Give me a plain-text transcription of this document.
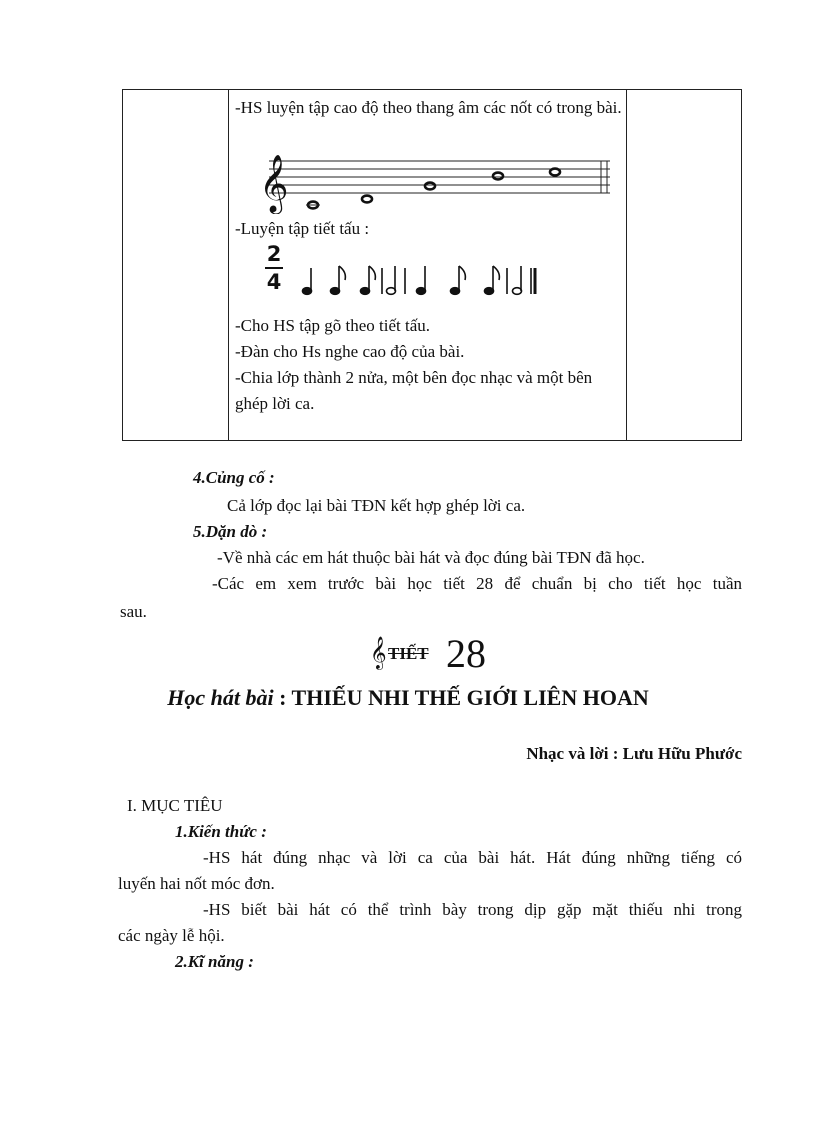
-HS luyện tập cao độ theo thang âm các nốt có trong bài.
𝄞
-Luyện tập tiết tấu :
2
4
-Cho HS tập gõ theo tiết tấu.
-Đàn cho Hs nghe cao độ của bài.
-Chia lớp thành 2 nửa, một bên đọc nhạc và một bên ghép lời ca.
4.Củng cố :
Cả lớp đọc lại bài TĐN kết hợp ghép lời ca.
5.Dặn dò :
-Về nhà các em hát thuộc bài hát và đọc đúng bài TĐN đã học.
-Các em xem trước bài học tiết 28 để chuẩn bị cho tiết học tuần
sau.
𝄞 TIẾT 28
Học hát bài : THIẾU NHI THẾ GIỚI LIÊN HOAN
Nhạc và lời : Lưu Hữu Phước
I. MỤC TIÊU
1.Kiến thức :
-HS hát đúng nhạc và lời ca của bài hát. Hát đúng những tiếng có
luyến hai nốt móc đơn.
-HS biết bài hát có thể trình bày trong dịp gặp mặt thiếu nhi trong
các ngày lễ hội.
2.Kĩ năng :
